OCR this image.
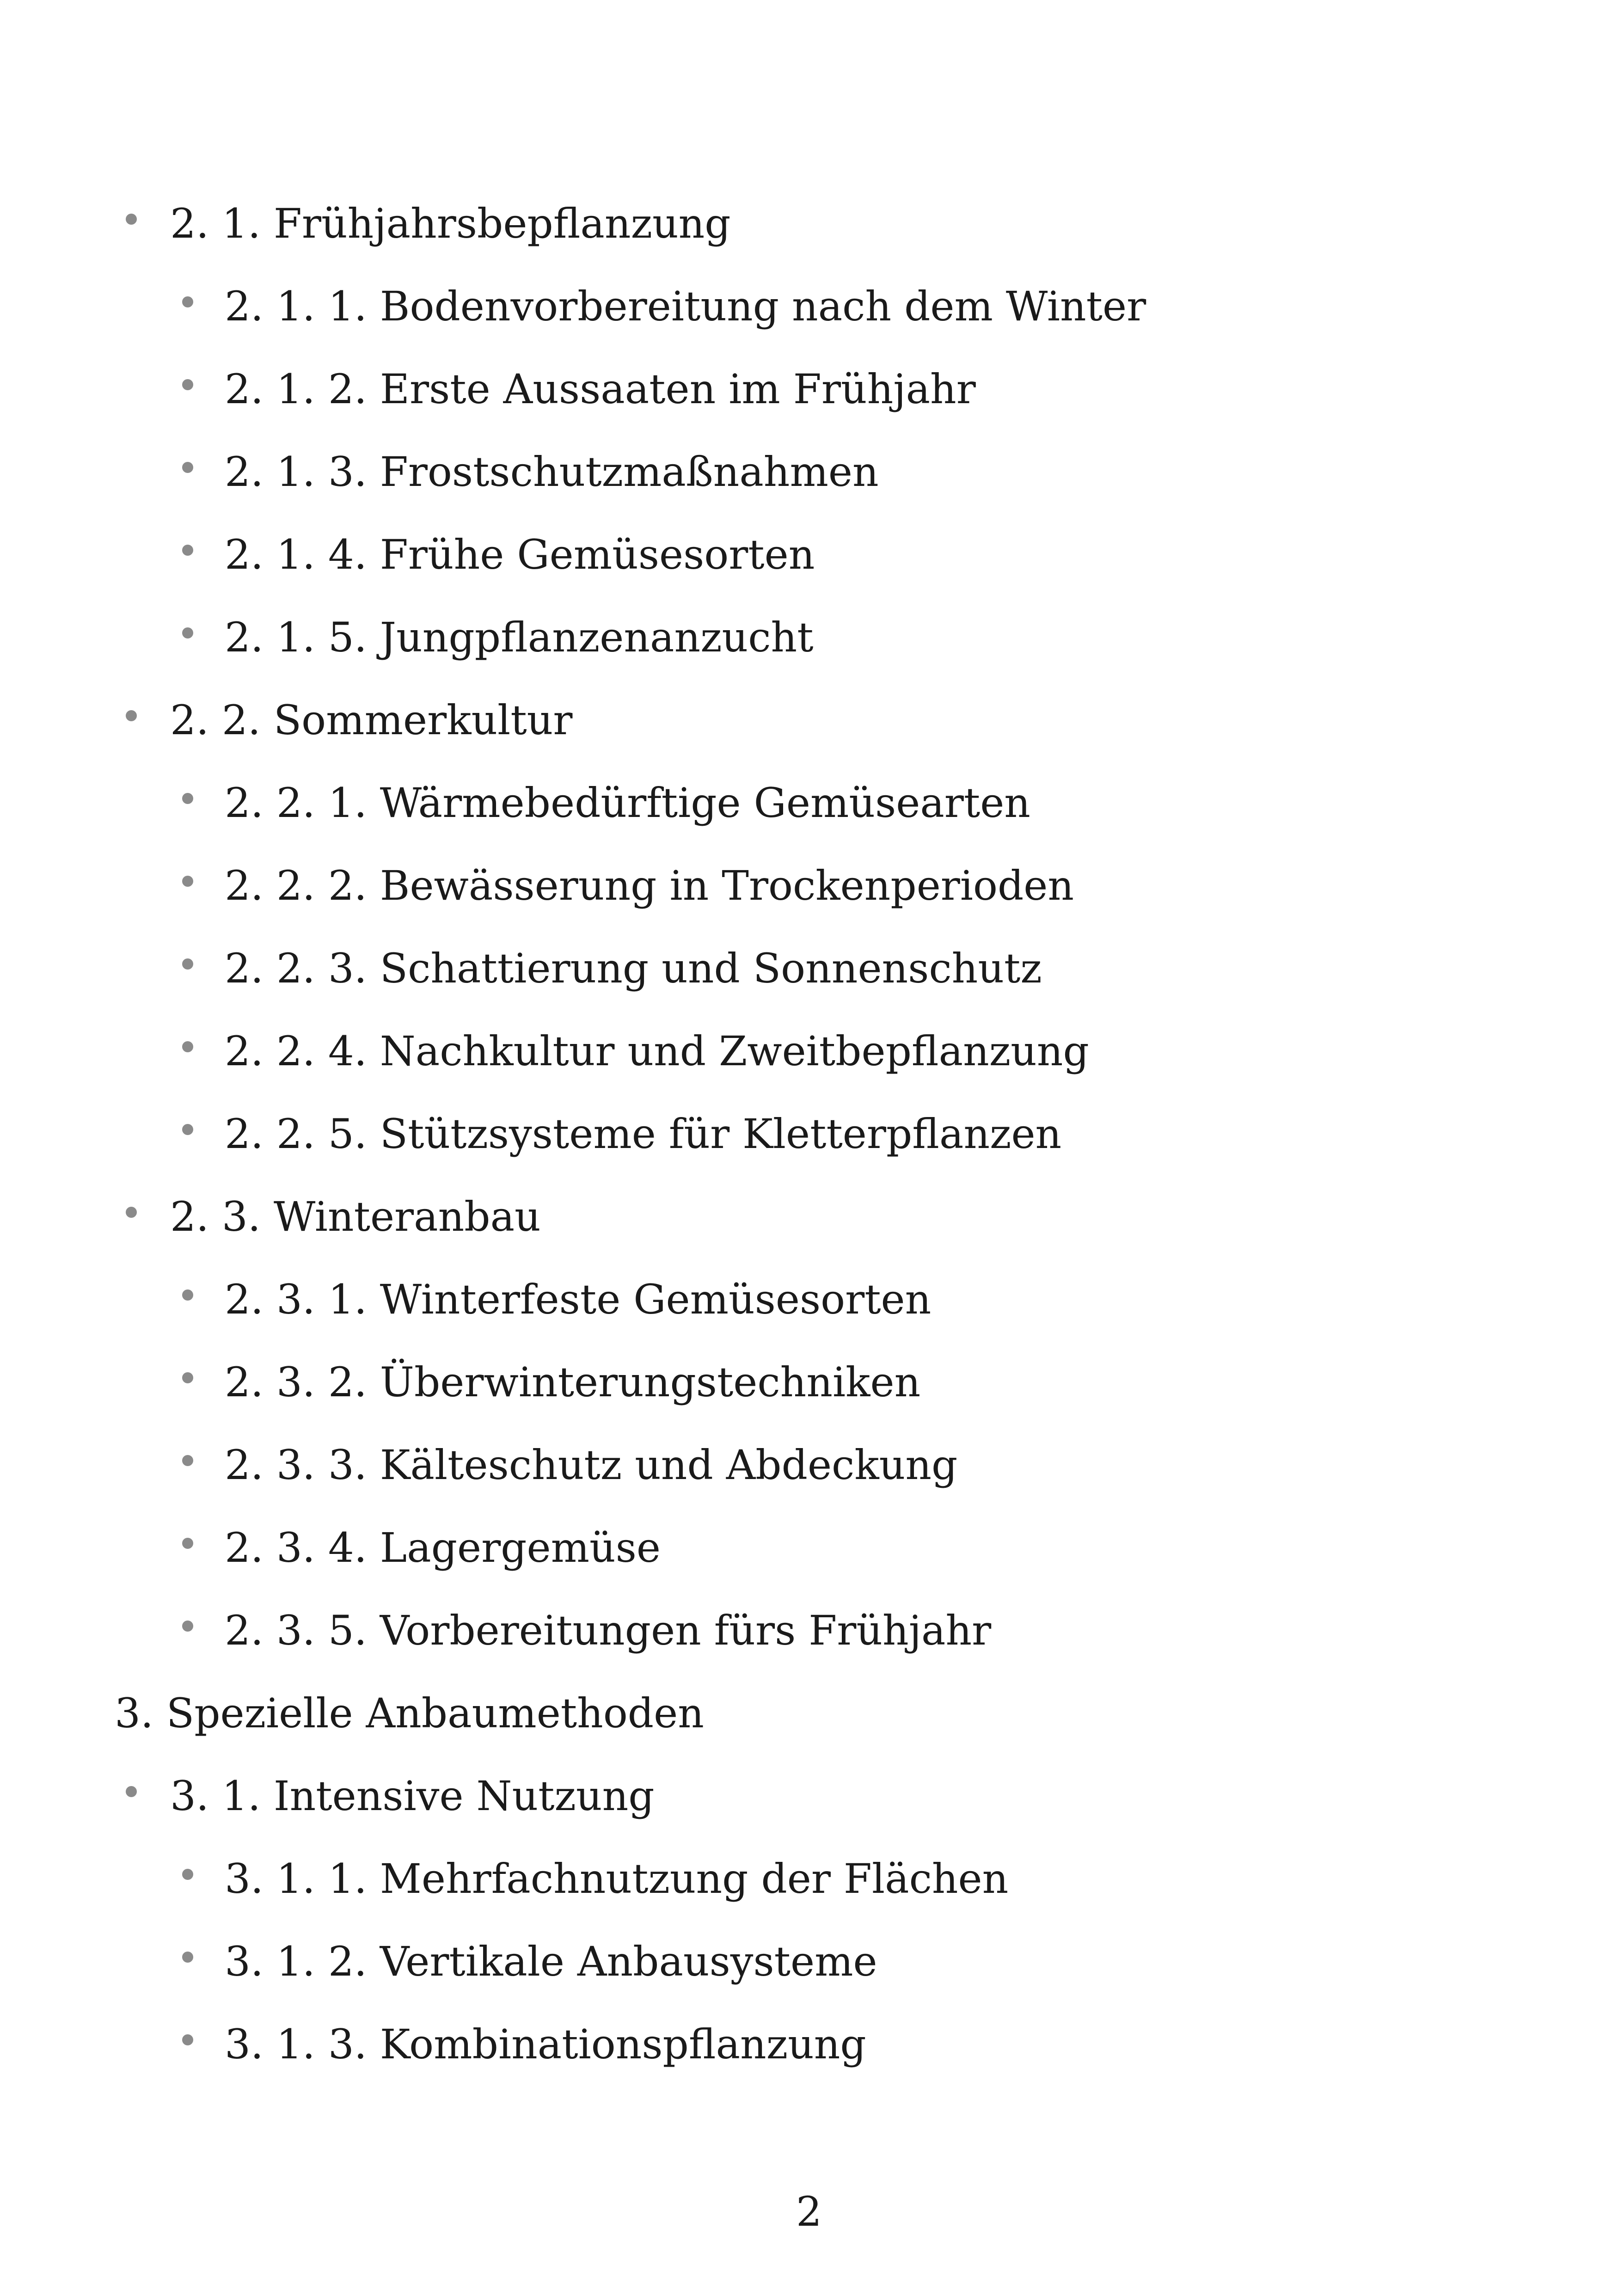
2. 1. Frühjahrsbepflanzung
2. 1. 1. Bodenvorbereitung nach dem Winter
2. 1. 2. Erste Aussaaten im Frühjahr
2. 1. 3. Frostschutzmaßnahmen
2. 1. 4. Frühe Gemüsesorten
2. 1. 5. Jungpflanzenanzucht
2. 2. Sommerkultur
2. 2. 1. Wärmebedürftige Gemüsearten
2. 2. 2. Bewässerung in Trockenperioden
2. 2. 3. Schattierung und Sonnenschutz
2. 2. 4. Nachkultur und Zweitbepflanzung
2. 2. 5. Stützsysteme für Kletterpflanzen
2. 3. Winteranbau
2. 3. 1. Winterfeste Gemüsesorten
2. 3. 2. Überwinterungstechniken
2. 3. 3. Kälteschutz und Abdeckung
2. 3. 4. Lagergemüse
2. 3. 5. Vorbereitungen fürs Frühjahr
3. Spezielle Anbaumethoden
3. 1. Intensive Nutzung
3. 1. 1. Mehrfachnutzung der Flächen
3. 1. 2. Vertikale Anbausysteme
3. 1. 3. Kombinationspflanzung
2
